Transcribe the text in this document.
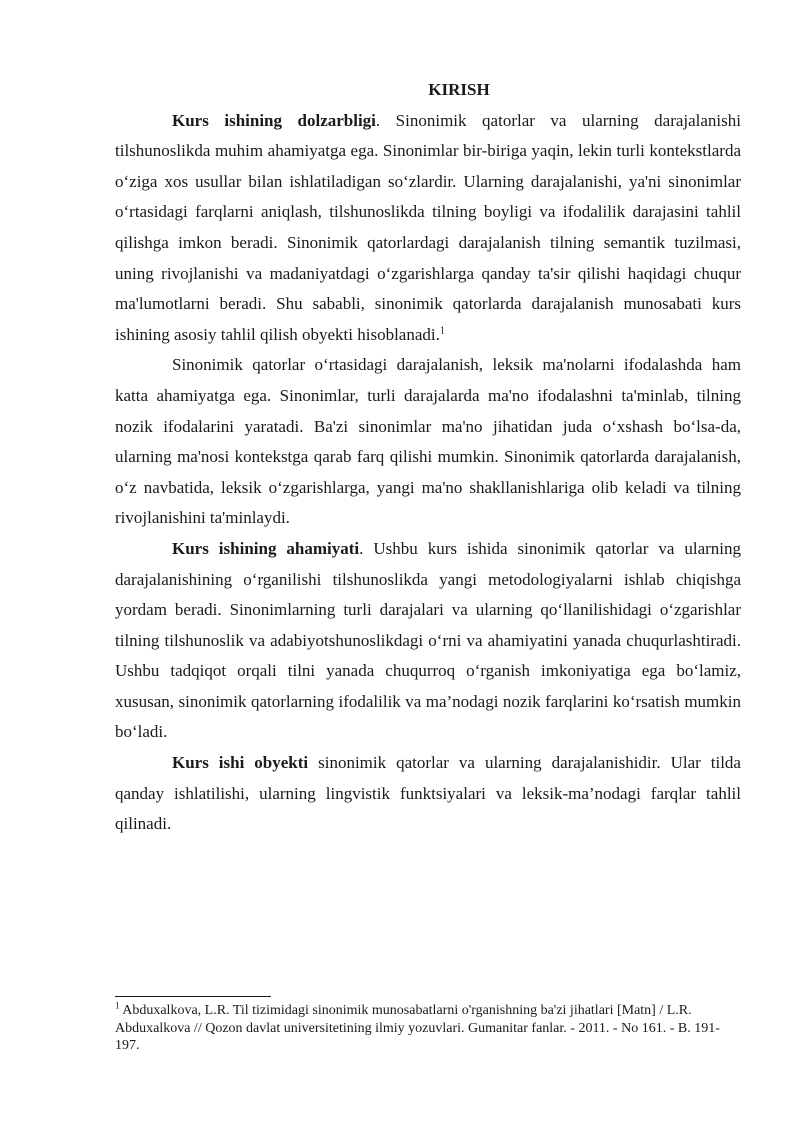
KIRISH

Kurs ishining dolzarbligi. Sinonimik qatorlar va ularning darajalanishi tilshunoslikda muhim ahamiyatga ega. Sinonimlar bir-biriga yaqin, lekin turli kontekstlarda o‘ziga xos usullar bilan ishlatiladigan so‘zlardir. Ularning darajalanishi, ya'ni sinonimlar o‘rtasidagi farqlarni aniqlash, tilshunoslikda tilning boyligi va ifodalilik darajasini tahlil qilishga imkon beradi. Sinonimik qatorlardagi darajalanish tilning semantik tuzilmasi, uning rivojlanishi va madaniyatdagi o‘zgarishlarga qanday ta'sir qilishi haqidagi chuqur ma'lumotlarni beradi. Shu sababli, sinonimik qatorlarda darajalanish munosabati kurs ishining asosiy tahlil qilish obyekti hisoblanadi.$^1$

Sinonimik qatorlar o‘rtasidagi darajalanish, leksik ma'nolarni ifodalashda ham katta ahamiyatga ega. Sinonimlar, turli darajalarda ma'no ifodalashni ta'minlab, tilning nozik ifodalarini yaratadi. Ba'zi sinonimlar ma'no jihatidan juda o‘xshash bo‘lsa-da, ularning ma'nosi kontekstga qarab farq qilishi mumkin. Sinonimik qatorlarda darajalanish, o‘z navbatida, leksik o‘zgarishlarga, yangi ma'no shakllanishlariga olib keladi va tilning rivojlanishini ta'minlaydi.

Kurs ishining ahamiyati. Ushbu kurs ishida sinonimik qatorlar va ularning darajalanishining o‘rganilishi tilshunoslikda yangi metodologiyalarni ishlab chiqishga yordam beradi. Sinonimlarning turli darajalari va ularning qo‘llanilishidagi o‘zgarishlar tilning tilshunoslik va adabiyotshunoslikdagi o‘rni va ahamiyatini yanada chuqurlashtiradi. Ushbu tadqiqot orqali tilni yanada chuqurroq o‘rganish imkoniyatiga ega bo‘lamiz, xususan, sinonimik qatorlarning ifodalilik va ma’nodagi nozik farqlarini ko‘rsatish mumkin bo‘ladi.

Kurs ishi obyekti sinonimik qatorlar va ularning darajalanishidir. Ular tilda qanday ishlatilishi, ularning lingvistik funktsiyalari va leksik-ma’nodagi farqlar tahlil qilinadi.

$^1$ Abduxalkova, L.R. Til tizimidagi sinonimik munosabatlarni o'rganishning ba'zi jihatlari [Matn] / L.R. Abduxalkova // Qozon davlat universitetining ilmiy yozuvlari. Gumanitar fanlar. - 2011. - No 161. - B. 191-197.
